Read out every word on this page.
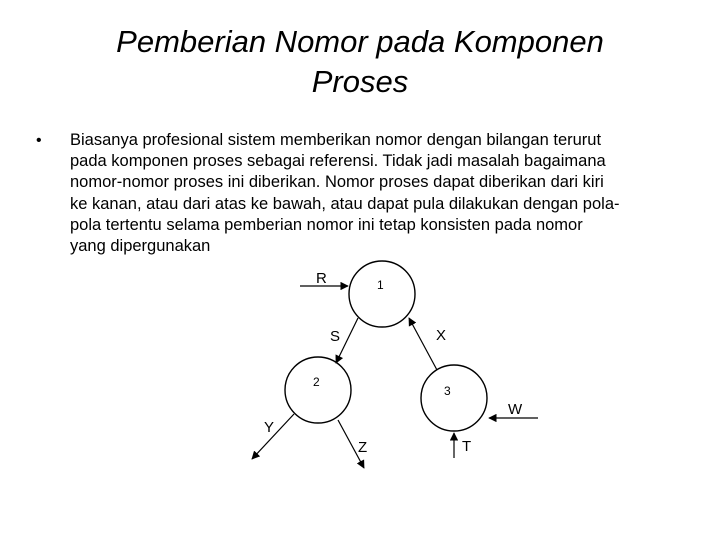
Pemberian Nomor pada Komponen
Proses
• Biasanya profesional sistem memberikan nomor dengan bilangan terurut
pada komponen proses sebagai referensi. Tidak jadi masalah bagaimana
nomor-nomor proses ini diberikan. Nomor proses dapat diberikan dari kiri
ke kanan, atau dari atas ke bawah, atau dapat pula dilakukan dengan pola-
pola tertentu selama pemberian nomor ini tetap konsisten pada nomor
yang dipergunakan
1
2
3
R
S	X
Y
Z
W
T
